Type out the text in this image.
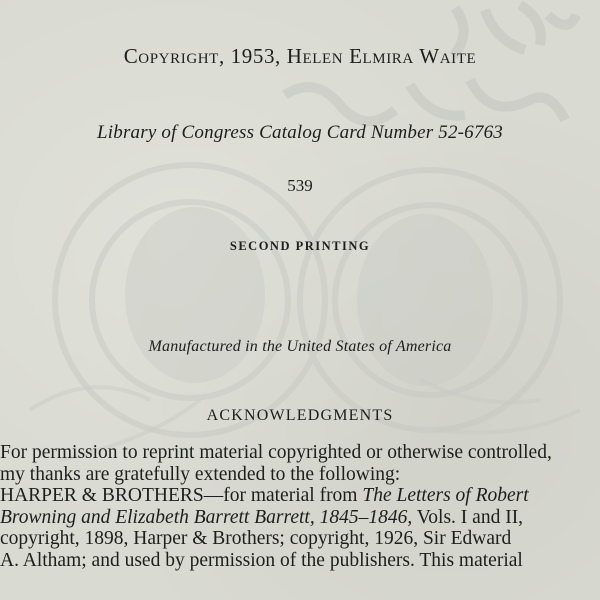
Copyright, 1953, Helen Elmira Waite
Library of Congress Catalog Card Number 52-6763
539
SECOND PRINTING
Manufactured in the United States of America
ACKNOWLEDGMENTS
For permission to reprint material copyrighted or otherwise controlled,
my thanks are gratefully extended to the following:
HARPER & BROTHERS—for material from The Letters of Robert
Browning and Elizabeth Barrett Barrett, 1845–1846, Vols. I and II,
copyright, 1898, Harper & Brothers; copyright, 1926, Sir Edward
A. Altham; and used by permission of the publishers. This material
